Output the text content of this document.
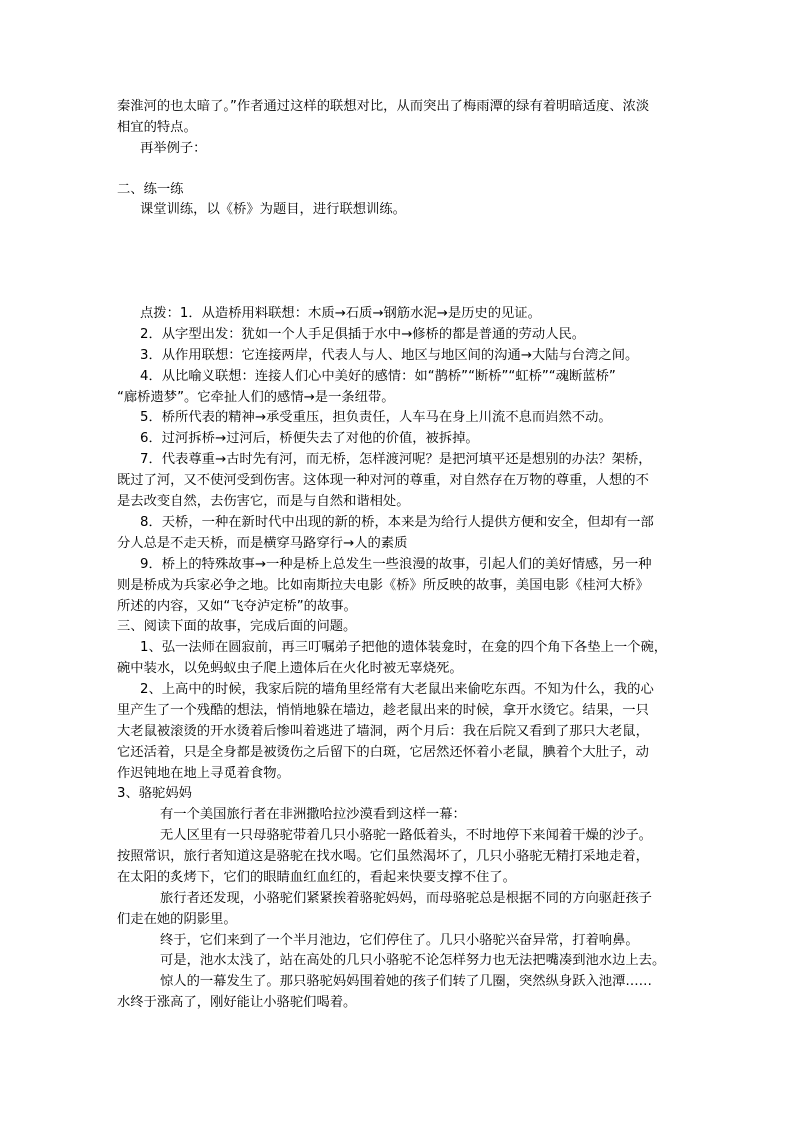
秦淮河的也太暗了。”作者通过这样的联想对比，从而突出了梅雨潭的绿有着明暗适度、浓淡
相宜的特点。
再举例子：
二、练一练
课堂训练，以《桥》为题目，进行联想训练。
点拨：1．从造桥用料联想：木质→石质→钢筋水泥→是历史的见证。
2．从字型出发：犹如一个人手足俱插于水中→修桥的都是普通的劳动人民。
3．从作用联想：它连接两岸，代表人与人、地区与地区间的沟通→大陆与台湾之间。
4．从比喻义联想：连接人们心中美好的感情：如“鹊桥”“断桥”“虹桥”“魂断蓝桥”
“廊桥遗梦”。它牵扯人们的感情→是一条纽带。
5．桥所代表的精神→承受重压，担负责任，人车马在身上川流不息而岿然不动。
6．过河拆桥→过河后，桥便失去了对他的价值，被拆掉。
7．代表尊重→古时先有河，而无桥，怎样渡河呢？是把河填平还是想别的办法？架桥，
既过了河，又不使河受到伤害。这体现一种对河的尊重，对自然存在万物的尊重，人想的不
是去改变自然，去伤害它，而是与自然和谐相处。
8．天桥，一种在新时代中出现的新的桥，本来是为给行人提供方便和安全，但却有一部
分人总是不走天桥，而是横穿马路穿行→人的素质
9．桥上的特殊故事→一种是桥上总发生一些浪漫的故事，引起人们的美好情感，另一种
则是桥成为兵家必争之地。比如南斯拉夫电影《桥》所反映的故事，美国电影《桂河大桥》
所述的内容，又如“飞夺泸定桥”的故事。
三、阅读下面的故事，完成后面的问题。
1、弘一法师在圆寂前，再三叮嘱弟子把他的遗体装龛时，在龛的四个角下各垫上一个碗，
碗中装水，以免蚂蚁虫子爬上遗体后在火化时被无辜烧死。
2、上高中的时候，我家后院的墙角里经常有大老鼠出来偷吃东西。不知为什么，我的心
里产生了一个残酷的想法，悄悄地躲在墙边，趁老鼠出来的时候，拿开水烫它。结果，一只
大老鼠被滚烫的开水烫着后惨叫着逃进了墙洞，两个月后：我在后院又看到了那只大老鼠，
它还活着，只是全身都是被烫伤之后留下的白斑，它居然还怀着小老鼠，腆着个大肚子，动
作迟钝地在地上寻觅着食物。
3、骆驼妈妈
有一个美国旅行者在非洲撒哈拉沙漠看到这样一幕：
无人区里有一只母骆驼带着几只小骆驼一路低着头，不时地停下来闻着干燥的沙子。
按照常识，旅行者知道这是骆驼在找水喝。它们虽然渴坏了，几只小骆驼无精打采地走着，
在太阳的炙烤下，它们的眼睛血红血红的，看起来快要支撑不住了。
旅行者还发现，小骆驼们紧紧挨着骆驼妈妈，而母骆驼总是根据不同的方向驱赶孩子
们走在她的阴影里。
终于，它们来到了一个半月池边，它们停住了。几只小骆驼兴奋异常，打着响鼻。
可是，池水太浅了，站在高处的几只小骆驼不论怎样努力也无法把嘴凑到池水边上去。
惊人的一幕发生了。那只骆驼妈妈围着她的孩子们转了几圈，突然纵身跃入池潭……
水终于涨高了，刚好能让小骆驼们喝着。
